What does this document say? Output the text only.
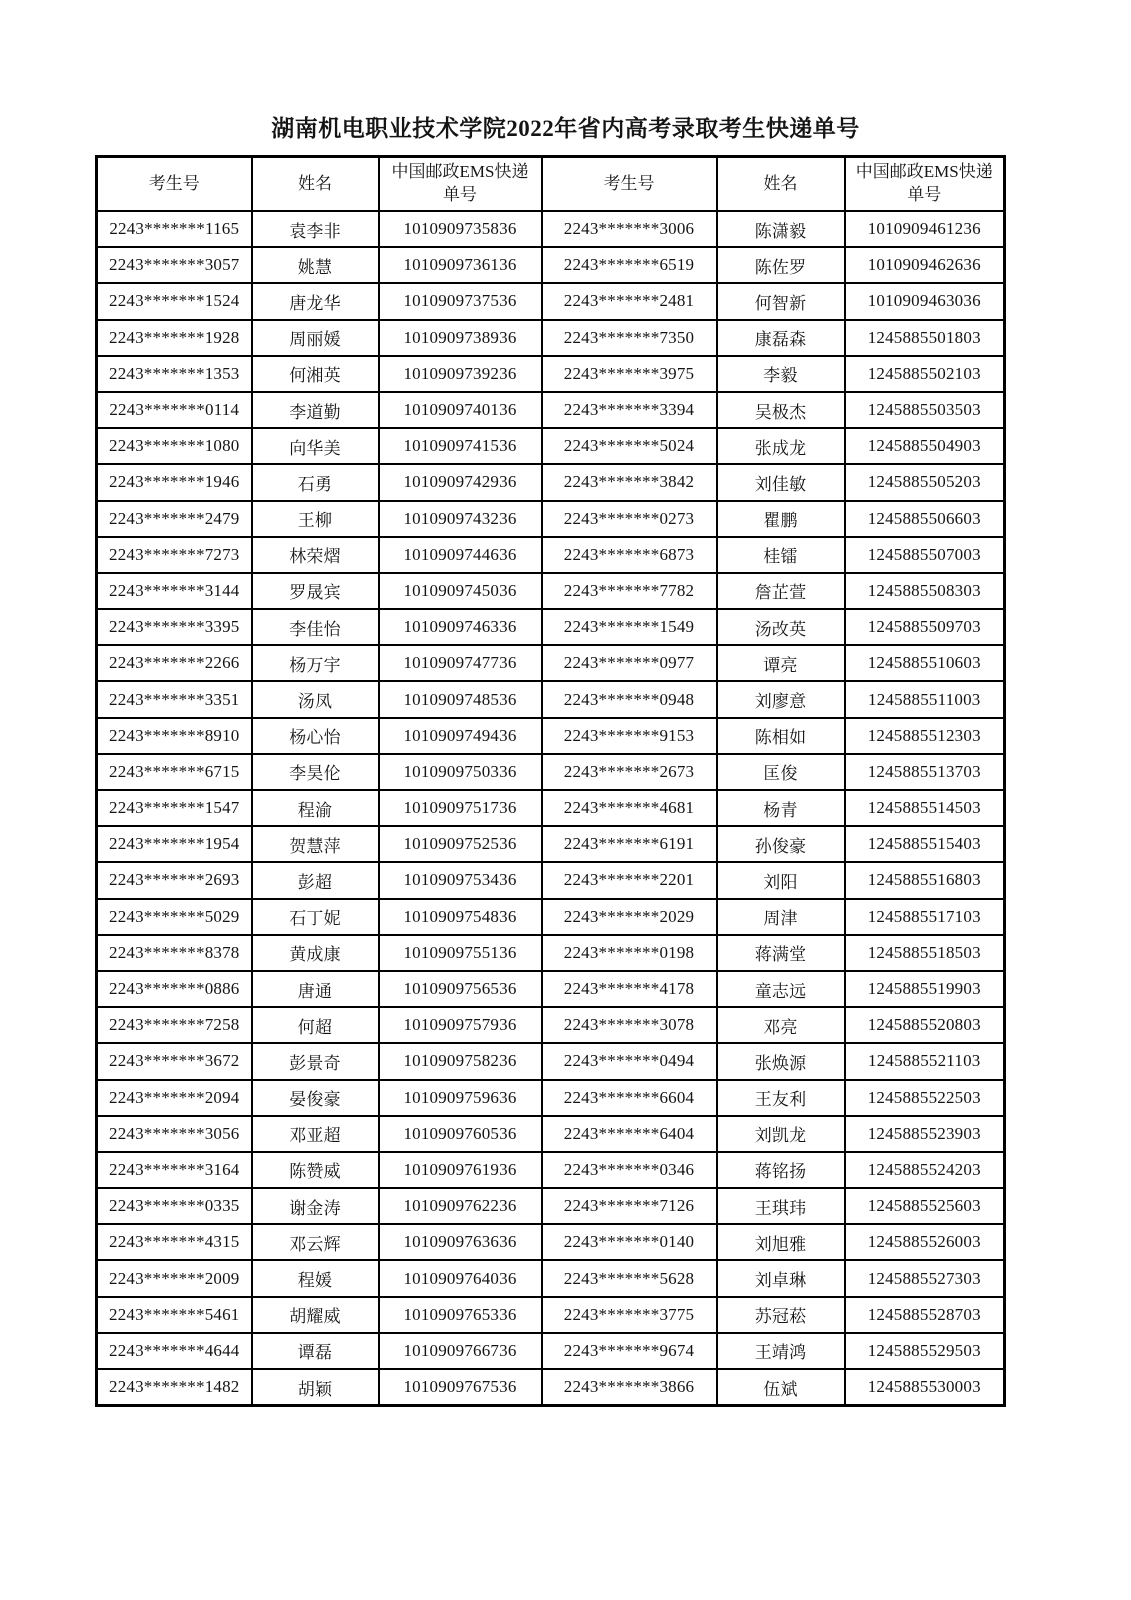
湖南机电职业技术学院2022年省内高考录取考生快递单号
考生号	姓名	中国邮政EMS快递单号	考生号	姓名	中国邮政EMS快递单号
2243*******1165	袁李非	1010909735836	2243*******3006	陈潇毅	1010909461236
2243*******3057	姚慧	1010909736136	2243*******6519	陈佐罗	1010909462636
2243*******1524	唐龙华	1010909737536	2243*******2481	何智新	1010909463036
2243*******1928	周丽媛	1010909738936	2243*******7350	康磊森	1245885501803
2243*******1353	何湘英	1010909739236	2243*******3975	李毅	1245885502103
2243*******0114	李道勤	1010909740136	2243*******3394	吴极杰	1245885503503
2243*******1080	向华美	1010909741536	2243*******5024	张成龙	1245885504903
2243*******1946	石勇	1010909742936	2243*******3842	刘佳敏	1245885505203
2243*******2479	王柳	1010909743236	2243*******0273	瞿鹏	1245885506603
2243*******7273	林荣熠	1010909744636	2243*******6873	桂镭	1245885507003
2243*******3144	罗晟宾	1010909745036	2243*******7782	詹芷萱	1245885508303
2243*******3395	李佳怡	1010909746336	2243*******1549	汤改英	1245885509703
2243*******2266	杨万宇	1010909747736	2243*******0977	谭亮	1245885510603
2243*******3351	汤凤	1010909748536	2243*******0948	刘廖意	1245885511003
2243*******8910	杨心怡	1010909749436	2243*******9153	陈相如	1245885512303
2243*******6715	李昊伦	1010909750336	2243*******2673	匡俊	1245885513703
2243*******1547	程渝	1010909751736	2243*******4681	杨青	1245885514503
2243*******1954	贺慧萍	1010909752536	2243*******6191	孙俊豪	1245885515403
2243*******2693	彭超	1010909753436	2243*******2201	刘阳	1245885516803
2243*******5029	石丁妮	1010909754836	2243*******2029	周津	1245885517103
2243*******8378	黄成康	1010909755136	2243*******0198	蒋满堂	1245885518503
2243*******0886	唐通	1010909756536	2243*******4178	童志远	1245885519903
2243*******7258	何超	1010909757936	2243*******3078	邓亮	1245885520803
2243*******3672	彭景奇	1010909758236	2243*******0494	张焕源	1245885521103
2243*******2094	晏俊豪	1010909759636	2243*******6604	王友利	1245885522503
2243*******3056	邓亚超	1010909760536	2243*******6404	刘凯龙	1245885523903
2243*******3164	陈赞威	1010909761936	2243*******0346	蒋铭扬	1245885524203
2243*******0335	谢金涛	1010909762236	2243*******7126	王琪玮	1245885525603
2243*******4315	邓云辉	1010909763636	2243*******0140	刘旭雅	1245885526003
2243*******2009	程媛	1010909764036	2243*******5628	刘卓琳	1245885527303
2243*******5461	胡耀威	1010909765336	2243*******3775	苏冠菘	1245885528703
2243*******4644	谭磊	1010909766736	2243*******9674	王靖鸿	1245885529503
2243*******1482	胡颖	1010909767536	2243*******3866	伍斌	1245885530003
